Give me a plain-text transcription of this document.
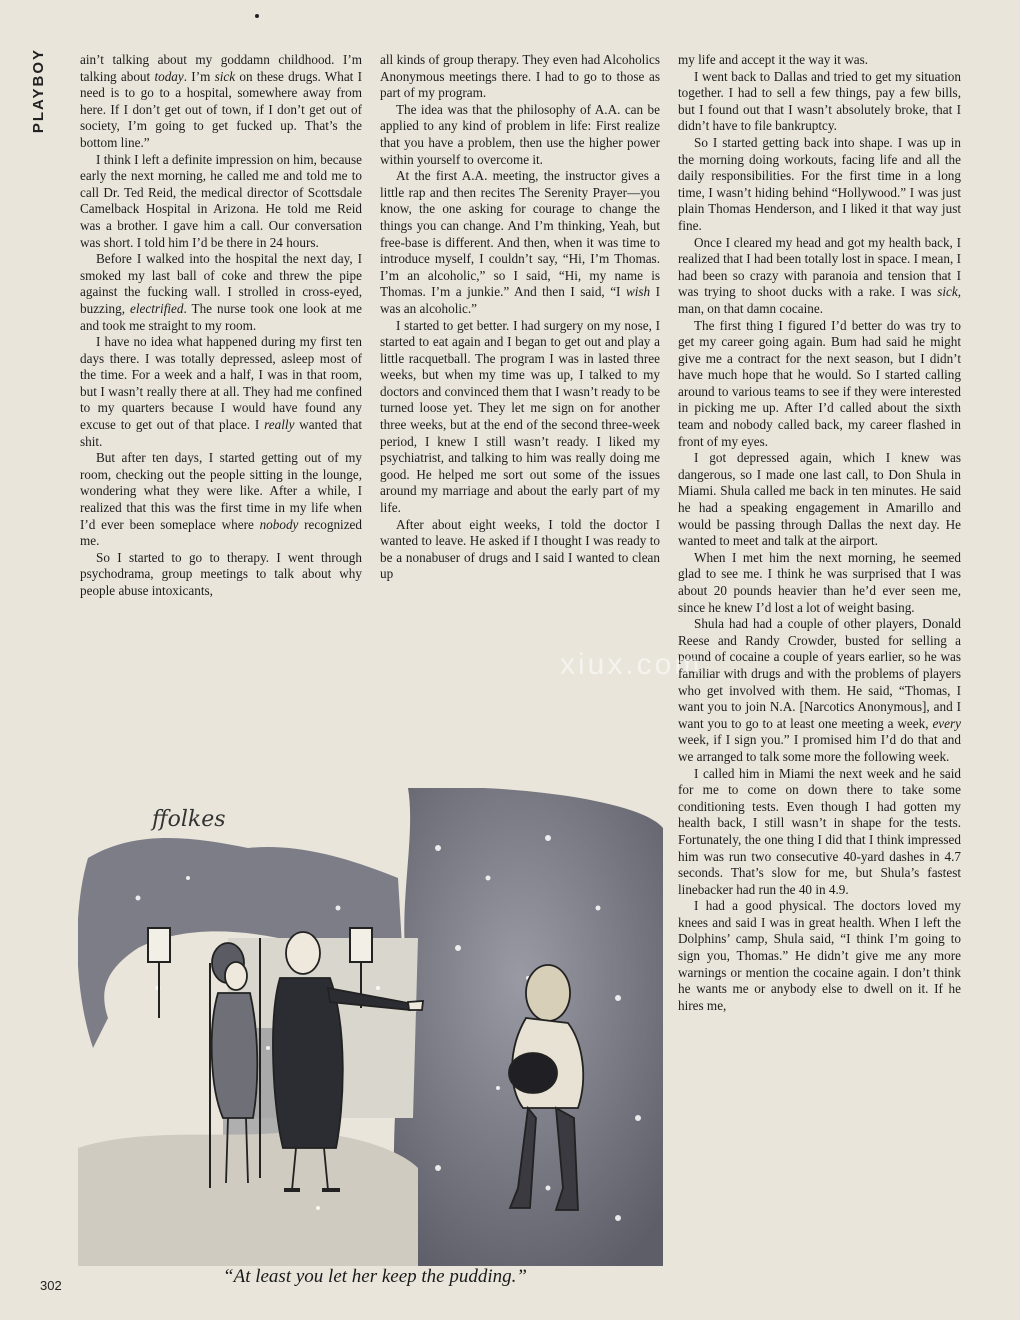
PLAYBOY	ain’t talking about my goddamn childhood. I’m talking about today. I’m sick on these drugs. What I need is to go to a hospital, somewhere away from here. If I don’t get out of town, if I don’t get out of society, I’m going to get fucked up. That’s the bottom line.”

I think I left a definite impression on him, because early the next morning, he called me and told me to call Dr. Ted Reid, the medical director of Scottsdale Camelback Hospital in Arizona. He told me Reid was a brother. I gave him a call. Our conversation was short. I told him I’d be there in 24 hours.

Before I walked into the hospital the next day, I smoked my last ball of coke and threw the pipe against the fucking wall. I strolled in cross-eyed, buzzing, electrified. The nurse took one look at me and took me straight to my room.

I have no idea what happened during my first ten days there. I was totally depressed, asleep most of the time. For a week and a half, I was in that room, but I wasn’t really there at all. They had me confined to my quarters because I would have found any excuse to get out of that place. I really wanted that shit.

But after ten days, I started getting out of my room, checking out the people sitting in the lounge, wondering what they were like. After a while, I realized that this was the first time in my life when I’d ever been someplace where nobody recognized me.

So I started to go to therapy. I went through psychodrama, group meetings to talk about why people abuse intoxicants,

all kinds of group therapy. They even had Alcoholics Anonymous meetings there. I had to go to those as part of my program.

The idea was that the philosophy of A.A. can be applied to any kind of problem in life: First realize that you have a problem, then use the higher power within yourself to overcome it.

At the first A.A. meeting, the instructor gives a little rap and then recites The Serenity Prayer—you know, the one asking for courage to change the things you can change. And I’m thinking, Yeah, but free-base is different. And then, when it was time to introduce myself, I couldn’t say, “Hi, I’m Thomas. I’m an alcoholic,” so I said, “Hi, my name is Thomas. I’m a junkie.” And then I said, “I wish I was an alcoholic.”

I started to get better. I had surgery on my nose, I started to eat again and I began to get out and play a little racquetball. The program I was in lasted three weeks, but when my time was up, I talked to my doctors and convinced them that I wasn’t ready to be turned loose yet. They let me sign on for another three weeks, but at the end of the second three-week period, I knew I still wasn’t ready. I liked my psychiatrist, and talking to him was really doing me good. He helped me sort out some of the issues around my marriage and about the early part of my life.

After about eight weeks, I told the doctor I wanted to leave. He asked if I thought I was ready to be a nonabuser of drugs and I said I wanted to clean up

my life and accept it the way it was.

I went back to Dallas and tried to get my situation together. I had to sell a few things, pay a few bills, but I found out that I wasn’t absolutely broke, that I didn’t have to file bankruptcy.

So I started getting back into shape. I was up in the morning doing workouts, facing life and all the daily responsibilities. For the first time in a long time, I wasn’t hiding behind “Hollywood.” I was just plain Thomas Henderson, and I liked it that way just fine.

Once I cleared my head and got my health back, I realized that I had been totally lost in space. I mean, I had been so crazy with paranoia and tension that I was trying to shoot ducks with a rake. I was sick, man, on that damn cocaine.

The first thing I figured I’d better do was try to get my career going again. Bum had said he might give me a contract for the next season, but I didn’t have much hope that he would. So I started calling around to various teams to see if they were interested in picking me up. After I’d called about the sixth team and nobody called back, my career flashed in front of my eyes.

I got depressed again, which I knew was dangerous, so I made one last call, to Don Shula in Miami. Shula called me back in ten minutes. He said he had a speaking engagement in Amarillo and would be passing through Dallas the next day. He wanted to meet and talk at the airport.

When I met him the next morning, he seemed glad to see me. I think he was surprised that I was about 20 pounds heavier than he’d ever seen me, since he knew I’d lost a lot of weight basing.

Shula had had a couple of other players, Donald Reese and Randy Crowder, busted for selling a pound of cocaine a couple of years earlier, so he was familiar with drugs and with the problems of players who get involved with them. He said, “Thomas, I want you to join N.A. [Narcotics Anonymous], and I want you to go to at least one meeting a week, every week, if I sign you.” I promised him I’d do that and we arranged to talk some more the following week.

I called him in Miami the next week and he said for me to come on down there to take some conditioning tests. Even though I had gotten my health back, I still wasn’t in shape for the tests. Fortunately, the one thing I did that I think impressed him was run two consecutive 40-yard dashes in 4.7 seconds. That’s slow for me, but Shula’s fastest linebacker had run the 40 in 4.9.

I had a good physical. The doctors loved my knees and said I was in great health. When I left the Dolphins’ camp, Shula said, “I think I’m going to sign you, Thomas.” He didn’t give me any more warnings or mention the cocaine again. I don’t think he wants me or anybody else to dwell on it. If he hires me,

ffolkes
xiux.com
“At least you let her keep the pudding.”
302
